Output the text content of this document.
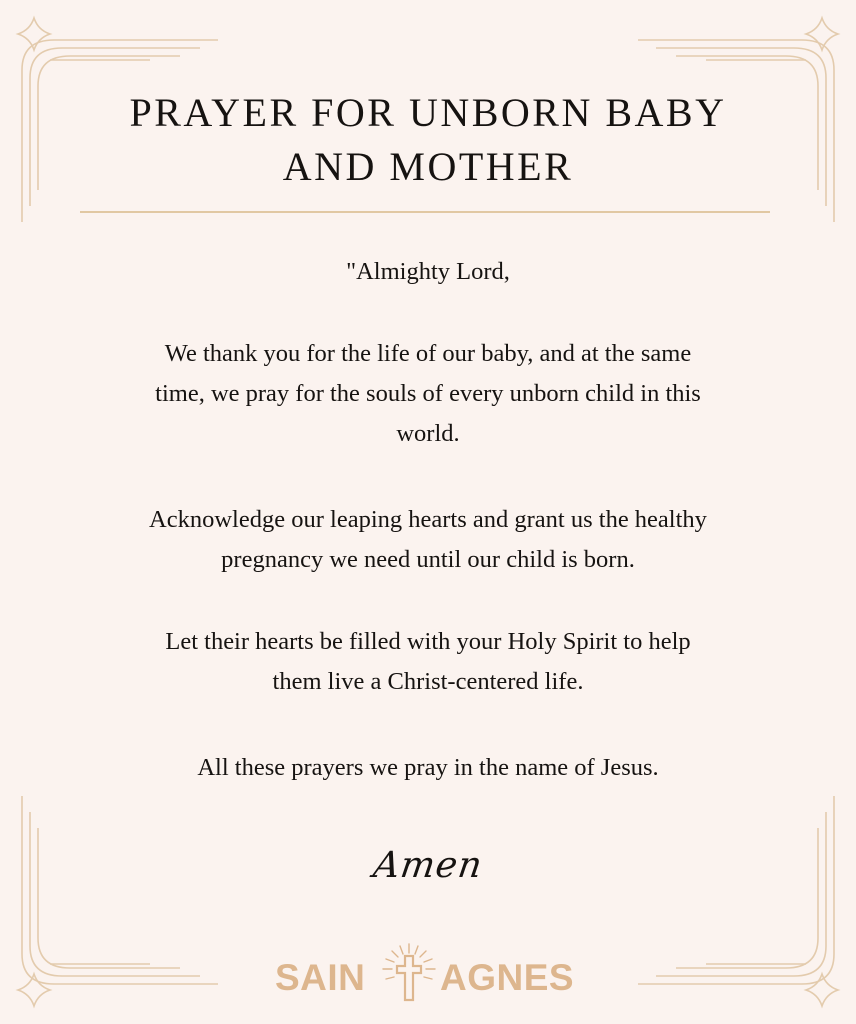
PRAYER FOR UNBORN BABY
AND MOTHER
"Almighty Lord,
We thank you for the life of our baby, and at the same
time, we pray for the souls of every unborn child in this
world.
Acknowledge our leaping hearts and grant us the healthy
pregnancy we need until our child is born.
Let their hearts be filled with your Holy Spirit to help
them live a Christ-centered life.
All these prayers we pray in the name of Jesus.
Amen
SAIN AGNES
